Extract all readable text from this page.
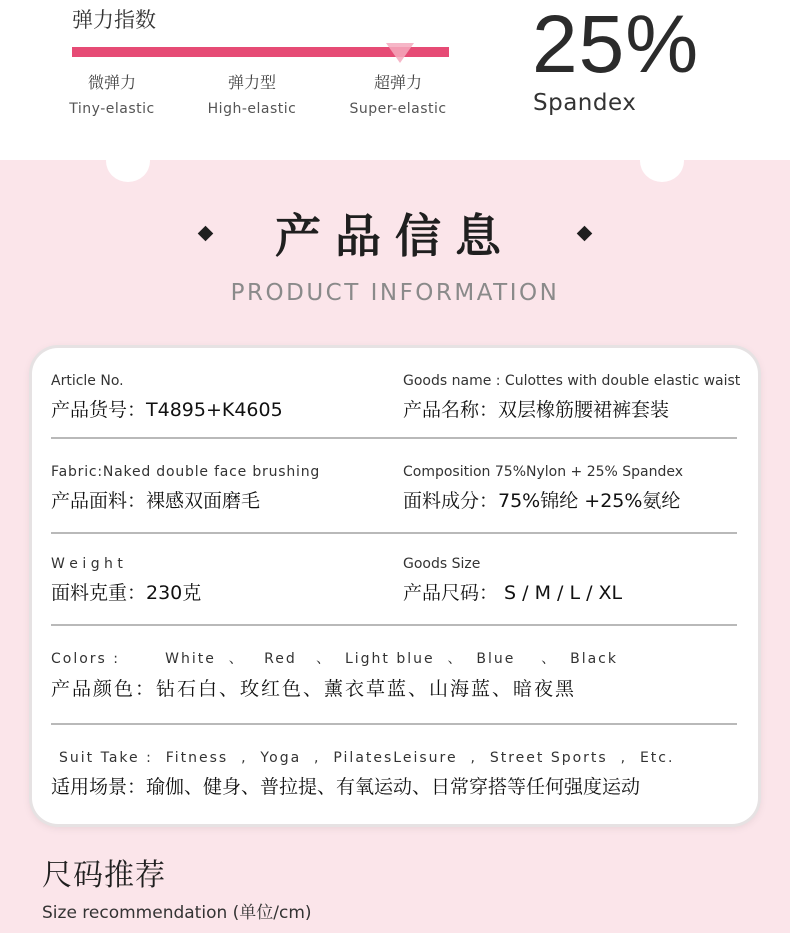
弹力指数
微弹力
Tiny-elastic
弹力型
High-elastic
超弹力
Super-elastic
25%
Spandex
产品信息
PRODUCT INFORMATION
Article No.
产品货号：T4895+K4605
Goods name : Culottes with double elastic waist
产品名称：双层橡筋腰裙裤套装
Fabric:Naked double face brushing
产品面料：裸感双面磨毛
Composition 75%Nylon + 25% Spandex
面料成分：75%锦纶 +25%氨纶
W e i g h t
面料克重：230克
Goods Size
产品尺码： S / M / L / XL
Colors :       White  、   Red   、  Light blue  、  Blue    、  Black
产品颜色：钻石白、玫红色、薰衣草蓝、山海蓝、暗夜黑
Suit Take :  Fitness  ,  Yoga  ,  PilatesLeisure  ,  Street Sports  ,  Etc.
适用场景：瑜伽、健身、普拉提、有氧运动、日常穿搭等任何强度运动
尺码推荐
Size recommendation (单位/cm)
